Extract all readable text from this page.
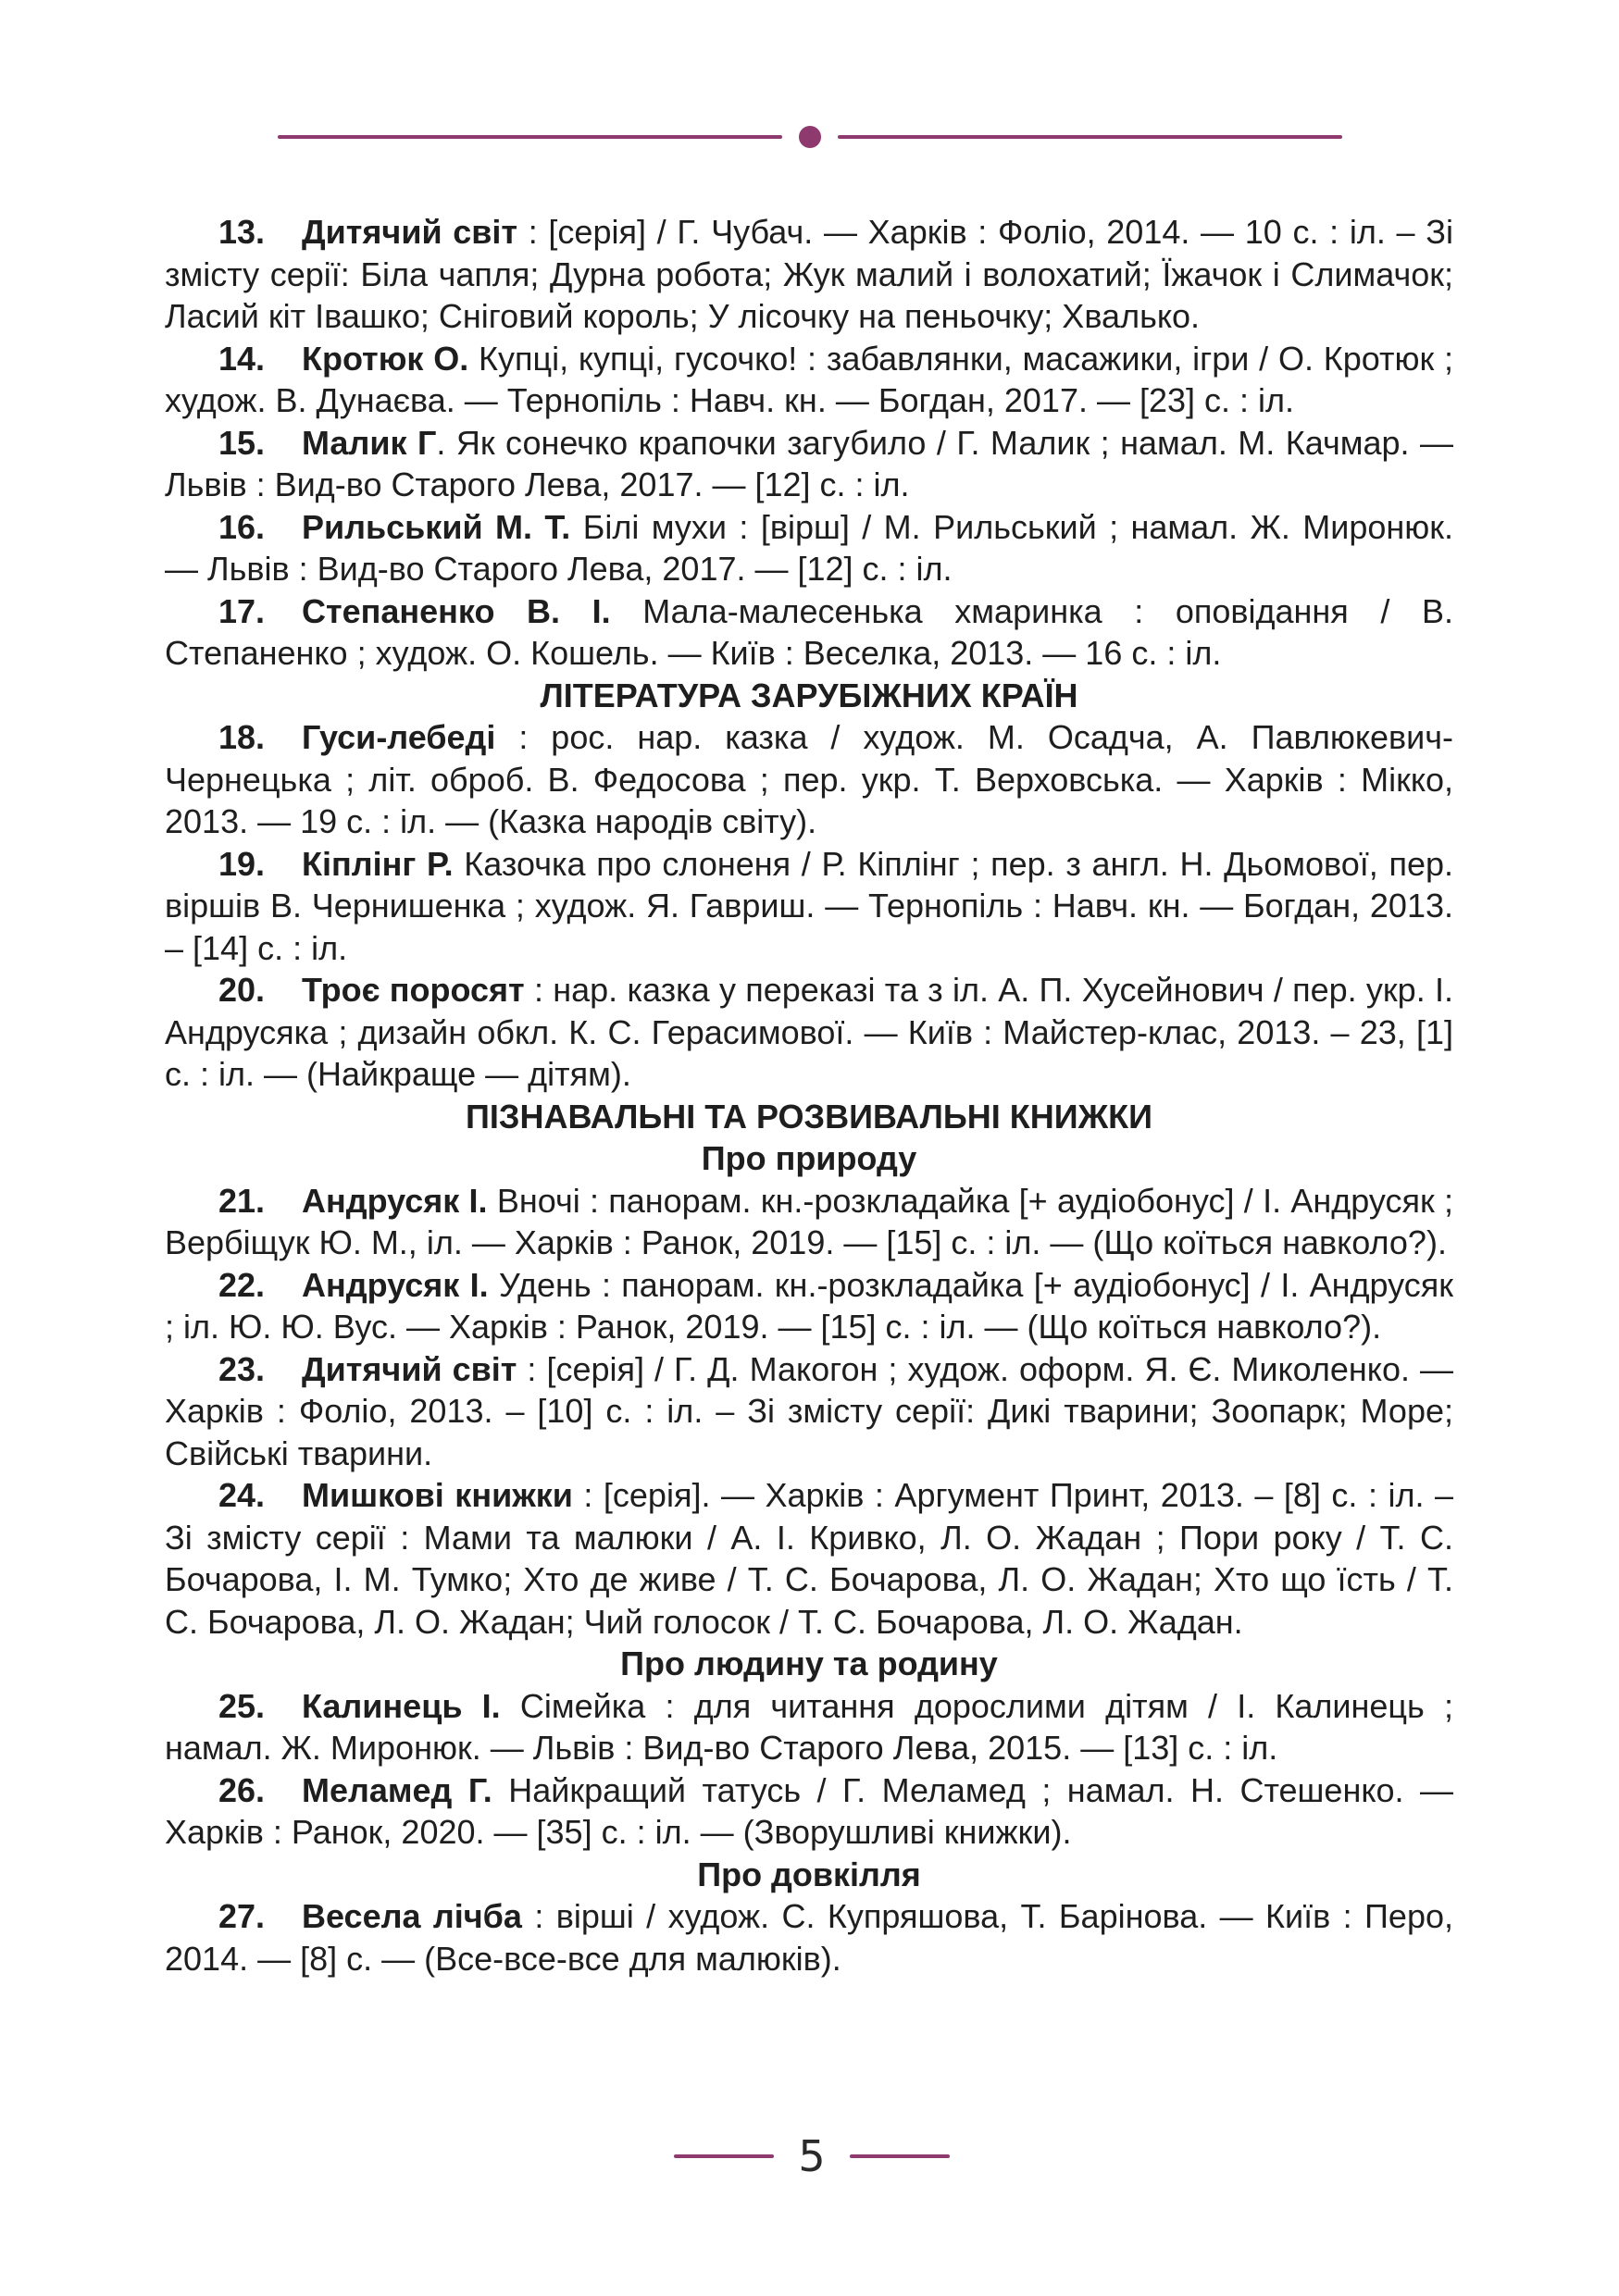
13. Дитячий світ : [серія] / Г. Чубач. — Харків : Фоліо, 2014. — 10 с. : іл. – Зі змісту серії: Біла чапля; Дурна робота; Жук малий і волохатий; Їжачок і Слимачок; Ласий кіт Івашко; Сніговий король; У лісочку на пеньочку; Хвалько.

14. Кротюк О. Купці, купці, гусочко! : забавлянки, масажики, ігри / О. Кротюк ; худож. В. Дунаєва. — Тернопіль : Навч. кн. — Богдан, 2017. — [23] с. : іл.

15. Малик Г. Як сонечко крапочки загубило / Г. Малик ; намал. М. Качмар. — Львів : Вид-во Старого Лева, 2017. — [12] с. : іл.

16. Рильський М. Т. Білі мухи : [вірш] / М. Рильський ; намал. Ж. Миронюк. — Львів : Вид-во Старого Лева, 2017. — [12] с. : іл.

17. Степаненко В. І. Мала-малесенька хмаринка : оповідання / В. Степаненко ; худож. О. Кошель. — Київ : Веселка, 2013. — 16 с. : іл.

ЛІТЕРАТУРА ЗАРУБІЖНИХ КРАЇН

18. Гуси-лебеді : рос. нар. казка / худож. М. Осадча, А. Павлюкевич-Чернецька ; літ. оброб. В. Федосова ; пер. укр. Т. Верховська. — Харків : Мікко, 2013. — 19 с. : іл. — (Казка народів світу).

19. Кіплінг Р. Казочка про слоненя / Р. Кіплінг ; пер. з англ. Н. Дьомової, пер. віршів В. Чернишенка ; худож. Я. Гавриш. — Тернопіль : Навч. кн. — Богдан, 2013. – [14] с. : іл.

20. Троє поросят : нар. казка у переказі та з іл. А. П. Хусейнович / пер. укр. І. Андрусяка ; дизайн обкл. К. С. Герасимової. — Київ : Майстер-клас, 2013. – 23, [1] с. : іл. — (Найкраще — дітям).

ПІЗНАВАЛЬНІ ТА РОЗВИВАЛЬНІ КНИЖКИ

Про природу

21. Андрусяк І. Вночі : панорам. кн.-розкладайка [+ аудіобонус] / І. Андрусяк ; Вербіщук Ю. М., іл. — Харків : Ранок, 2019. — [15] с. : іл. — (Що коїться навколо?).

22. Андрусяк І. Удень : панорам. кн.-розкладайка [+ аудіобонус] / І. Андрусяк ; іл. Ю. Ю. Вус. — Харків : Ранок, 2019. — [15] с. : іл. — (Що коїться навколо?).

23. Дитячий світ : [серія] / Г. Д. Макогон ; худож. оформ. Я. Є. Миколенко. — Харків : Фоліо, 2013. – [10] с. : іл. – Зі змісту серії: Дикі тварини; Зоопарк; Море; Свійські тварини.

24. Мишкові книжки : [серія]. — Харків : Аргумент Принт, 2013. – [8] с. : іл. – Зі змісту серії : Мами та малюки / А. І. Кривко, Л. О. Жадан ; Пори року / Т. С. Бочарова, І. М. Тумко; Хто де живе / Т. С. Бочарова, Л. О. Жадан; Хто що їсть / Т. С. Бочарова, Л. О. Жадан; Чий голосок / Т. С. Бочарова, Л. О. Жадан.

Про людину та родину

25. Калинець І. Сімейка : для читання дорослими дітям / І. Калинець ; намал. Ж. Миронюк. — Львів : Вид-во Старого Лева, 2015. — [13] с. : іл.

26. Меламед Г. Найкращий татусь / Г. Меламед ; намал. Н. Стешенко. — Харків : Ранок, 2020. — [35] с. : іл. — (Зворушливі книжки).

Про довкілля

27. Весела лічба : вірші / худож. С. Купряшова, Т. Барінова. — Київ : Перо, 2014. — [8] с. — (Все-все-все для малюків).

5
